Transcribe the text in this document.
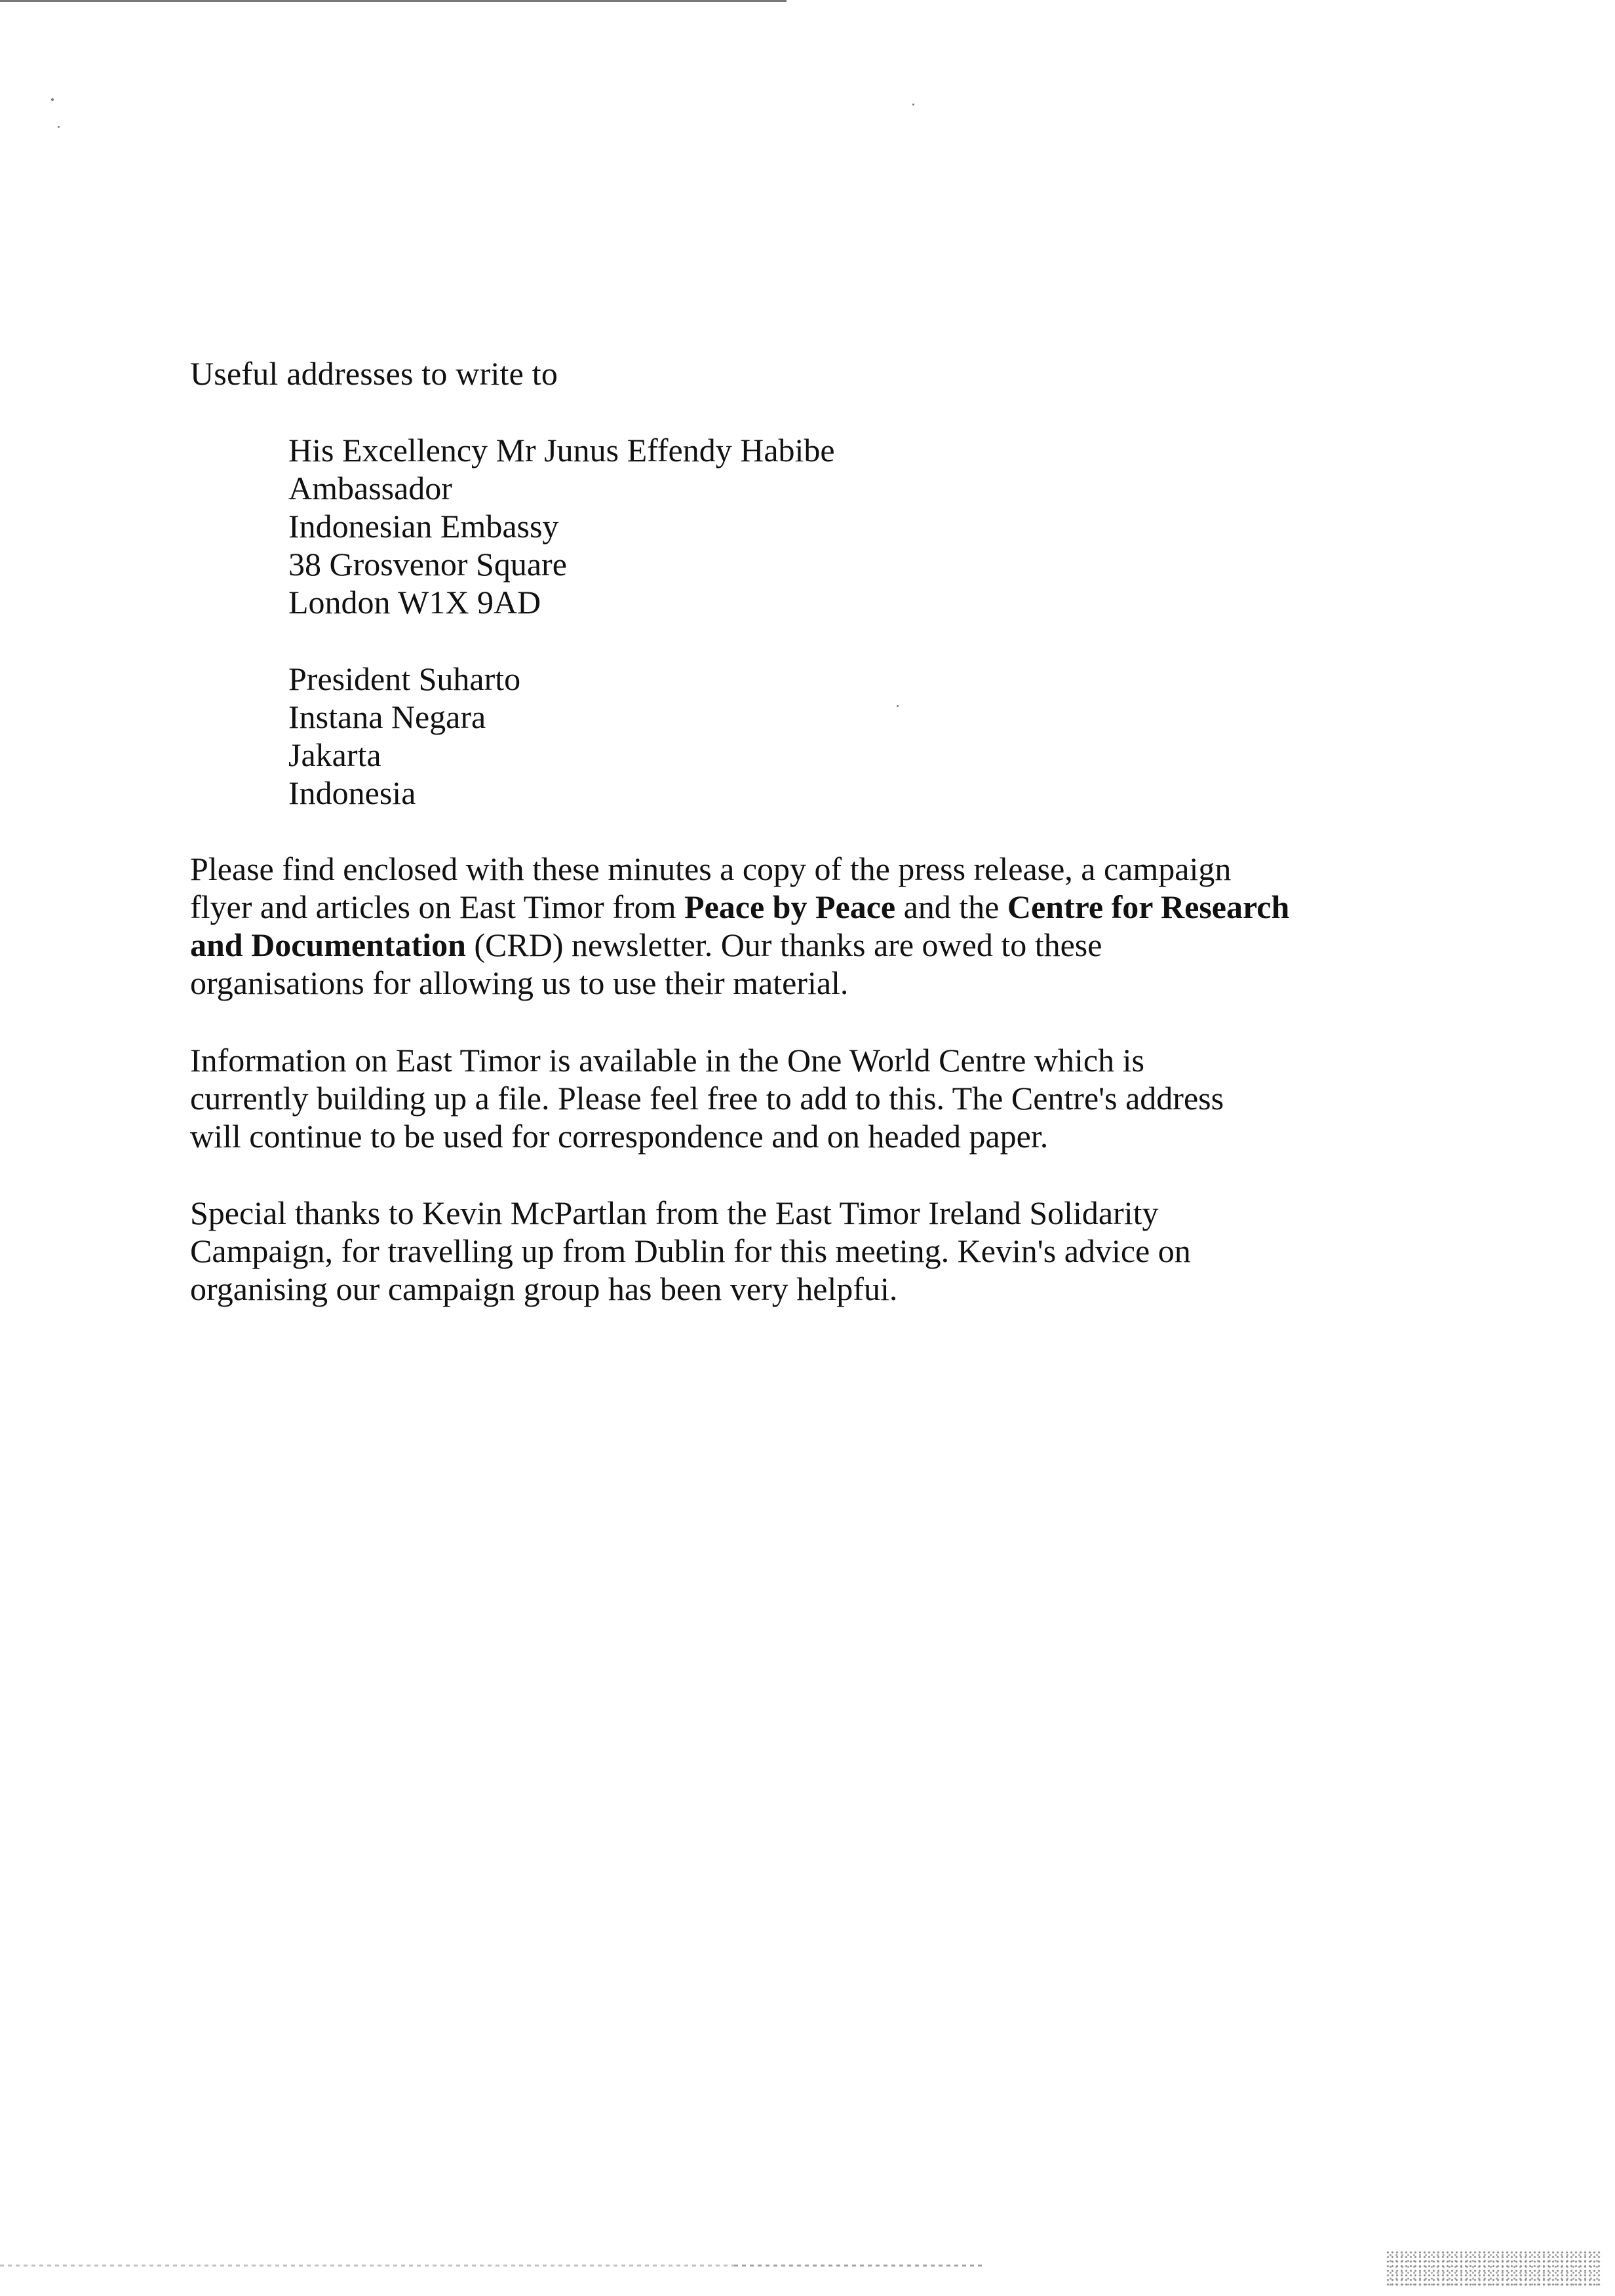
Useful addresses to write to
His Excellency Mr Junus Effendy Habibe
Ambassador
Indonesian Embassy
38 Grosvenor Square
London W1X 9AD
President Suharto
Instana Negara
Jakarta
Indonesia
Please find enclosed with these minutes a copy of the press release, a campaign
flyer and articles on East Timor from Peace by Peace and the Centre for Research
and Documentation (CRD) newsletter. Our thanks are owed to these
organisations for allowing us to use their material.
Information on East Timor is available in the One World Centre which is
currently building up a file. Please feel free to add to this. The Centre's address
will continue to be used for correspondence and on headed paper.
Special thanks to Kevin McPartlan from the East Timor Ireland Solidarity
Campaign, for travelling up from Dublin for this meeting. Kevin's advice on
organising our campaign group has been very helpfui.
